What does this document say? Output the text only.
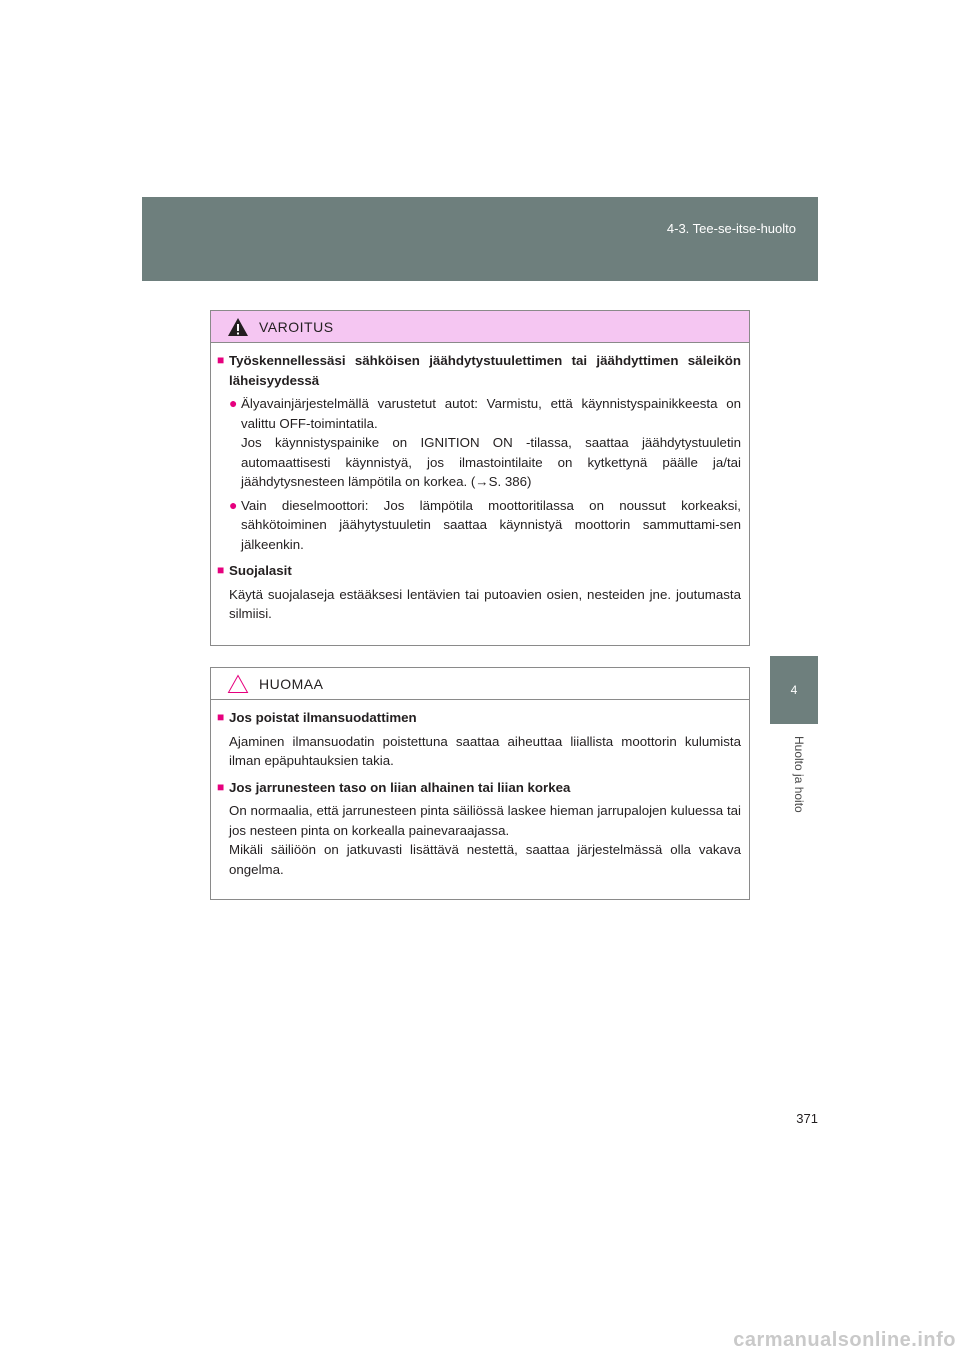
4-3. Tee-se-itse-huolto
4
Huolto ja hoito
VAROITUS
■ Työskennellessäsi sähköisen jäähdytystuulettimen tai jäähdyttimen säleikön läheisyydessä
● Älyavainjärjestelmällä varustetut autot: Varmistu, että käynnistyspainikkeesta on valittu OFF-toimintatila.
Jos käynnistyspainike on IGNITION ON -tilassa, saattaa jäähdytystuuletin automaattisesti käynnistyä, jos ilmastointilaite on kytkettynä päälle ja/tai jäähdytysnesteen lämpötila on korkea. (→S. 386)
● Vain dieselmoottori: Jos lämpötila moottoritilassa on noussut korkeaksi, sähkötoiminen jäähytystuuletin saattaa käynnistyä moottorin sammuttami-sen jälkeenkin.
■ Suojalasit
Käytä suojalaseja estääksesi lentävien tai putoavien osien, nesteiden jne. joutumasta silmiisi.
HUOMAA
■ Jos poistat ilmansuodattimen
Ajaminen ilmansuodatin poistettuna saattaa aiheuttaa liiallista moottorin kulumista ilman epäpuhtauksien takia.
■ Jos jarrunesteen taso on liian alhainen tai liian korkea
On normaalia, että jarrunesteen pinta säiliössä laskee hieman jarrupalojen kuluessa tai jos nesteen pinta on korkealla painevaraajassa.
Mikäli säiliöön on jatkuvasti lisättävä nestettä, saattaa järjestelmässä olla vakava ongelma.
371
carmanualsonline.info
